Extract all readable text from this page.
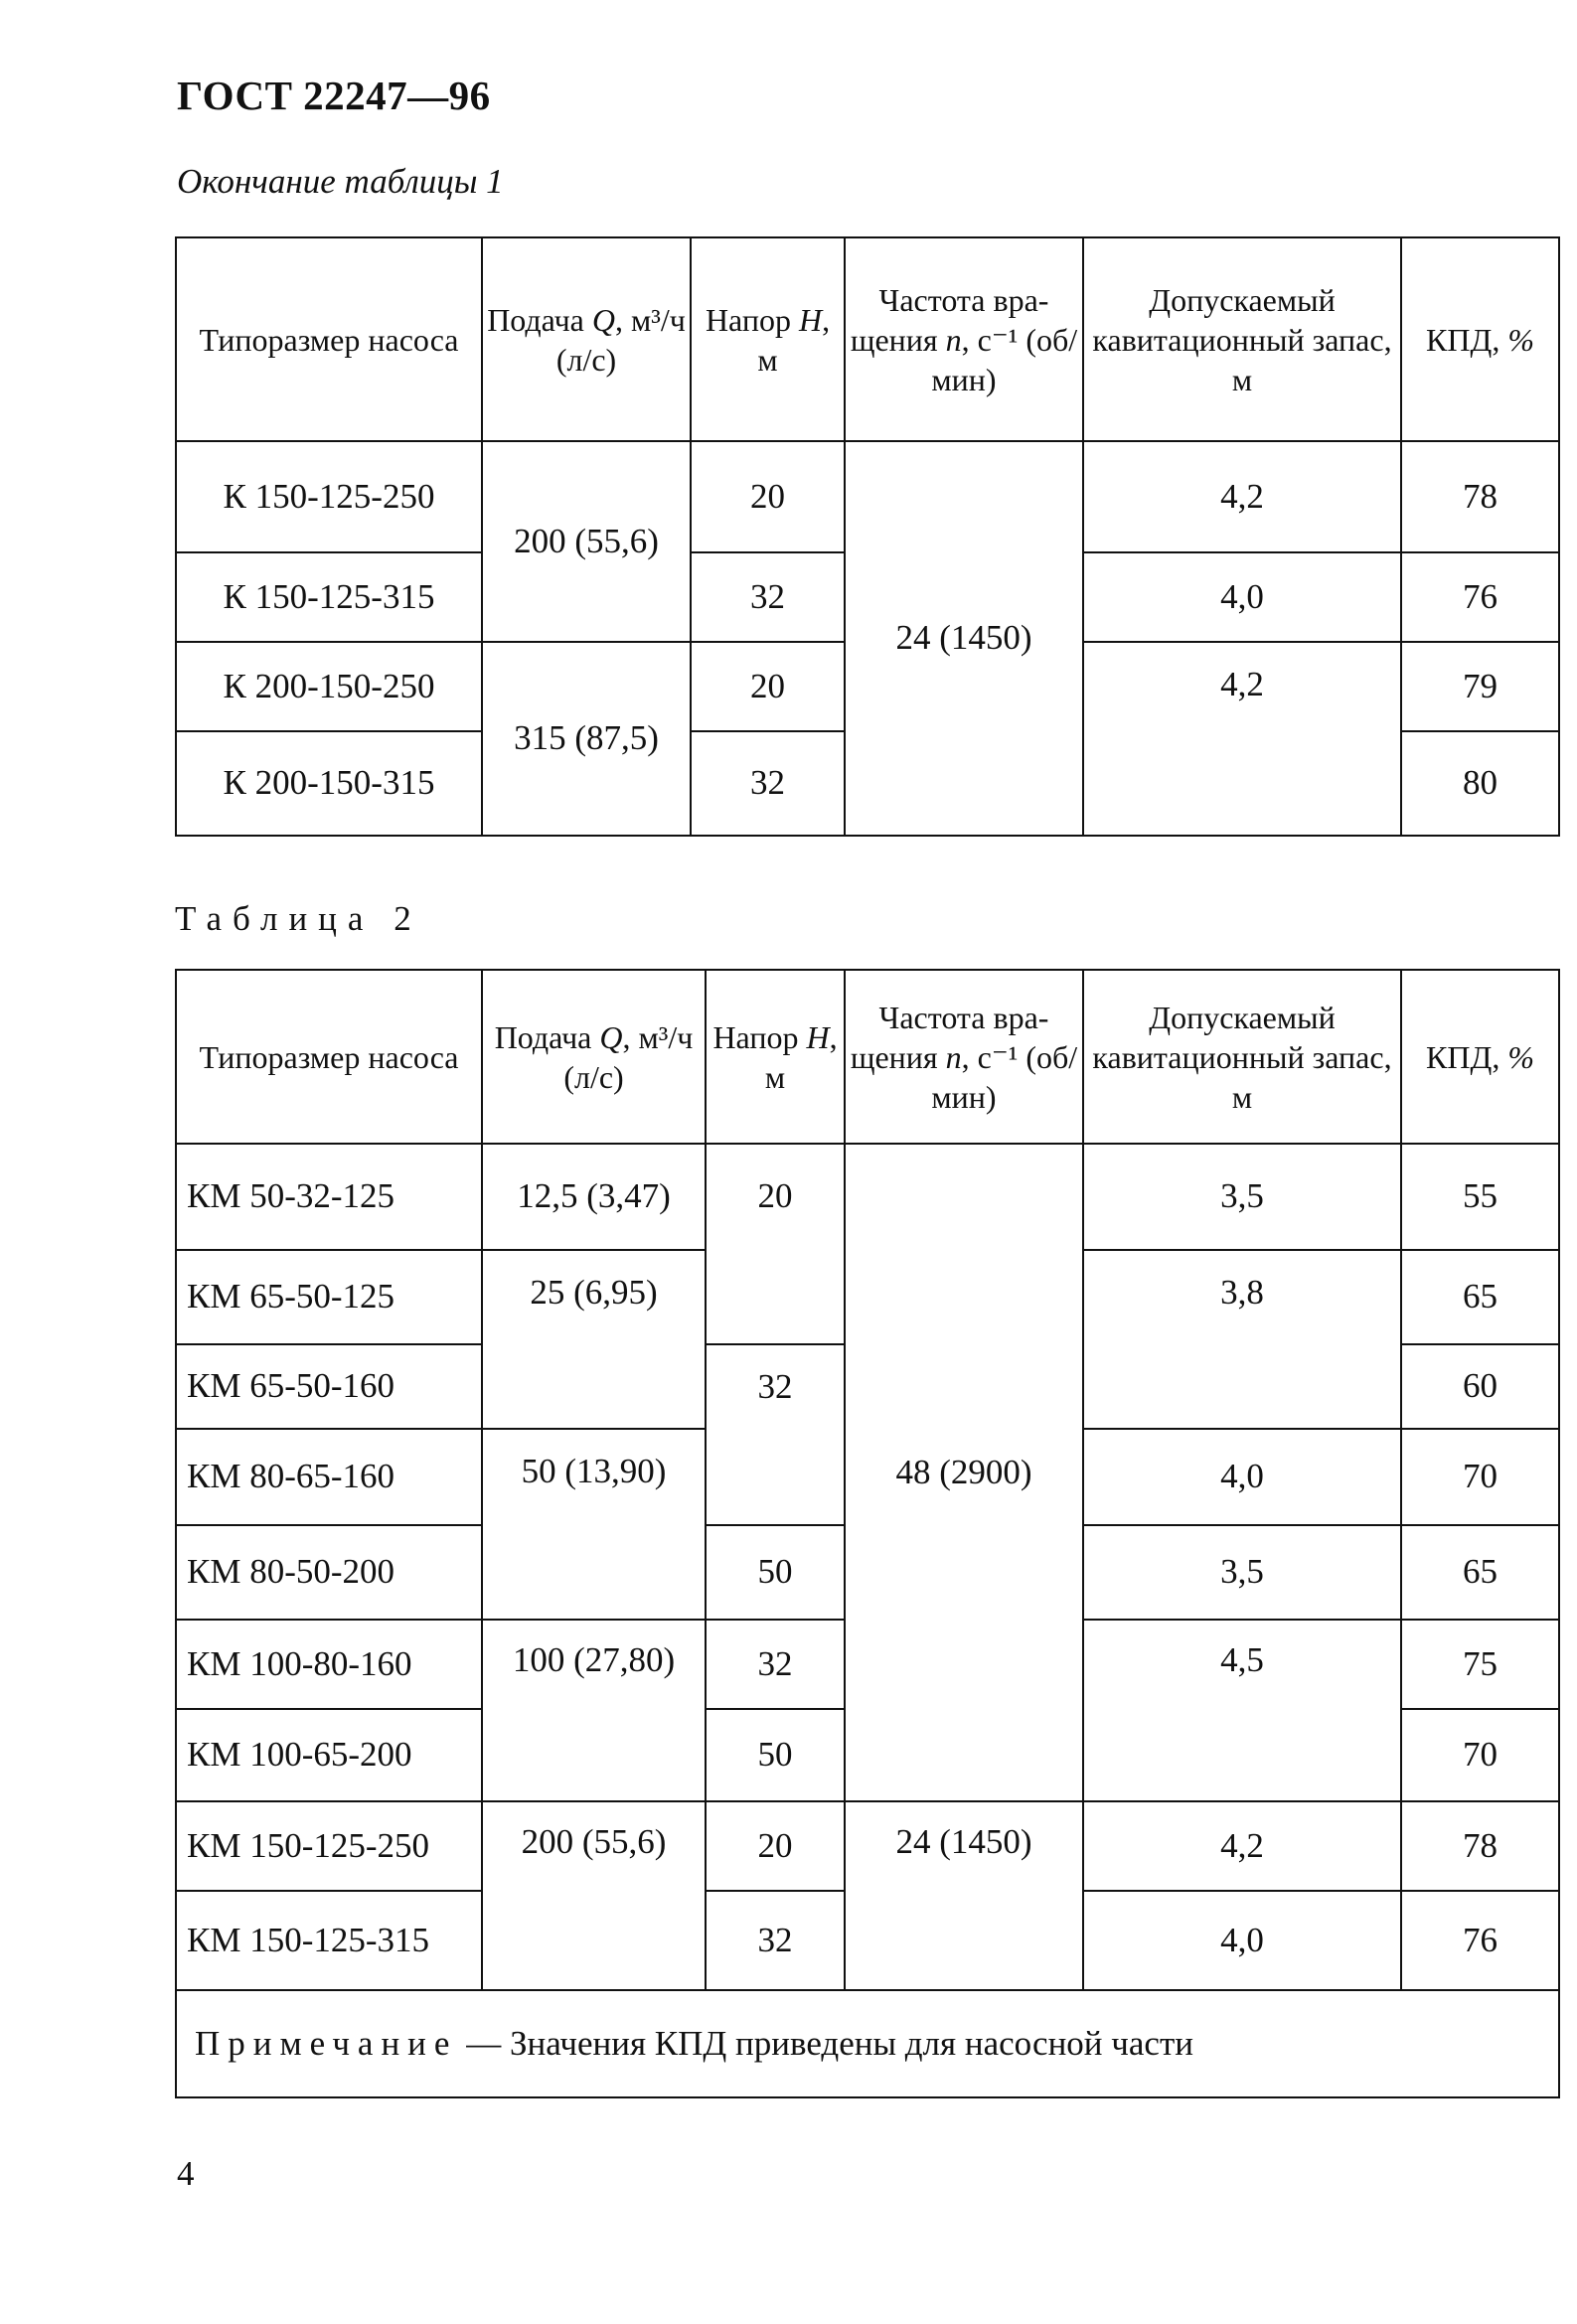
ГОСТ 22247—96
Окончание таблицы 1
Типоразмер насоса	Подача Q, м³/ч (л/с)	Напор H, м	Частота вра-щения n, с⁻¹ (об/мин)	Допускаемый кавитационный запас, м	КПД, %
К 150-125-250	200 (55,6)	20	24 (1450)	4,2	78
К 150-125-315		32		4,0	76
К 200-150-250	315 (87,5)	20		4,2	79
К 200-150-315		32			80
Таблица 2
Типоразмер насоса	Подача Q, м³/ч (л/с)	Напор H, м	Частота вра-щения n, с⁻¹ (об/мин)	Допускаемый кавитационный запас, м	КПД, %
КМ 50-32-125	12,5 (3,47)	20	48 (2900)	3,5	55
КМ 65-50-125	25 (6,95)			3,8	65
КМ 65-50-160		32			60
КМ 80-65-160	50 (13,90)			4,0	70
КМ 80-50-200		50		3,5	65
КМ 100-80-160	100 (27,80)	32		4,5	75
КМ 100-65-200		50			70
КМ 150-125-250	200 (55,6)	20	24 (1450)	4,2	78
КМ 150-125-315		32		4,0	76
Примечание — Значения КПД приведены для насосной части					
4
